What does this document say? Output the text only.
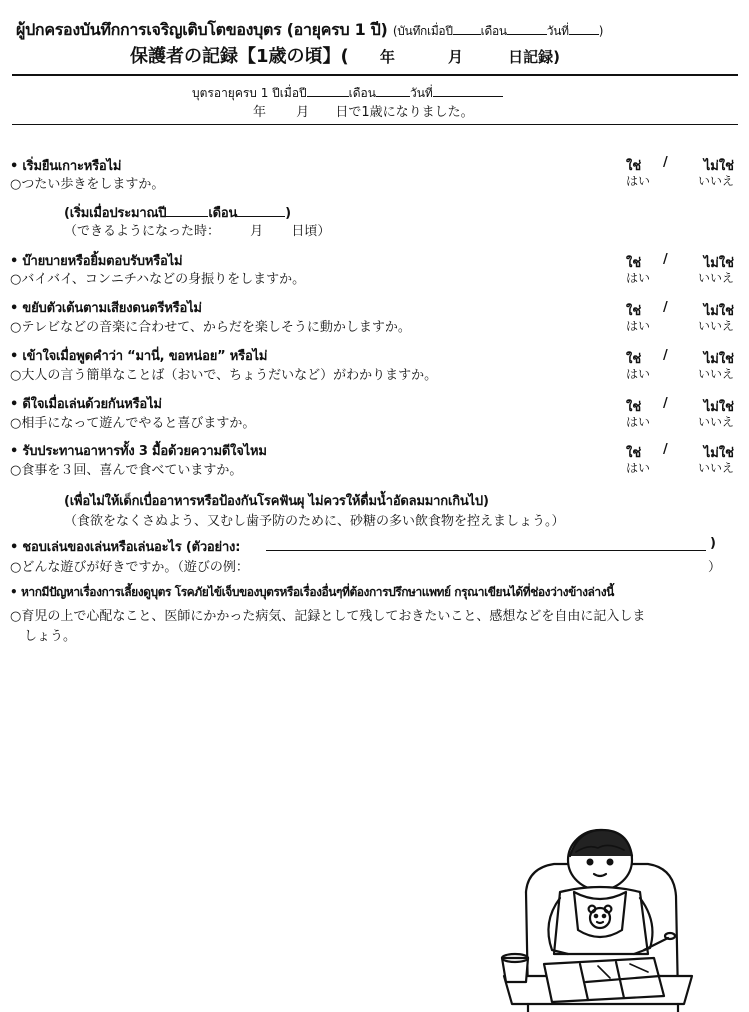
ผู้ปกครองบันทึกการเจริญเติบโตของบุตร (อายุครบ 1 ปี) (บันทึกเมื่อปี เดือน	วันที่	)
保護者の記録【1歳の頃】( 年	月	日記録)
บุตรอายุครบ 1 ปีเมื่อปี	เดือน	วันที่
年 月 日で1歳になりました。
• เริ่มยืนเกาะหรือไม่
○つたい歩きをしますか。
ใช่ /	ไม่ใช่
はい	いいえ
(เริ่มเมื่อประมาณปี	เดือน	)
（できるようになった時： 月 日頃）
• บ๊ายบายหรือยิ้มตอบรับหรือไม่
○バイバイ、コンニチハなどの身振りをしますか。
ใช่ /	ไม่ใช่
はい	いいえ
• ขยับตัวเต้นตามเสียงดนตรีหรือไม่
○テレビなどの音楽に合わせて、からだを楽しそうに動かしますか。
ใช่ /	ไม่ใช่
はい	いいえ
• เข้าใจเมื่อพูดคำว่า “มานี่, ขอหน่อย” หรือไม่
○大人の言う簡単なことば（おいで、ちょうだいなど）がわかりますか。
ใช่ /	ไม่ใช่
はい	いいえ
• ดีใจเมื่อเล่นด้วยกันหรือไม่
○相手になって遊んでやると喜びますか。
ใช่ /	ไม่ใช่
はい	いいえ
• รับประทานอาหารทั้ง 3 มื้อด้วยความดีใจไหม
○食事を３回、喜んで食べていますか。
ใช่ /	ไม่ใช่
はい	いいえ
(เพื่อไม่ให้เด็กเบื่ออาหารหรือป้องกันโรคฟันผุ ไม่ควรให้ดื่มน้ำอัดลมมากเกินไป)
（食欲をなくさぬよう、又むし歯予防のために、砂糖の多い飲食物を控えましょう。）
• ชอบเล่นของเล่นหรือเล่นอะไร (ตัวอย่าง:	)
○どんな遊びが好きですか。（遊びの例：	）
• หากมีปัญหาเรื่องการเลี้ยงดูบุตร โรคภัยไข้เจ็บของบุตรหรือเรื่องอื่นๆที่ต้องการปรึกษาแพทย์ กรุณาเขียนได้ที่ช่องว่างข้างล่างนี้
○育児の上で心配なこと、医師にかかった病気、記録として残しておきたいこと、感想などを自由に記入しま
しょう。
